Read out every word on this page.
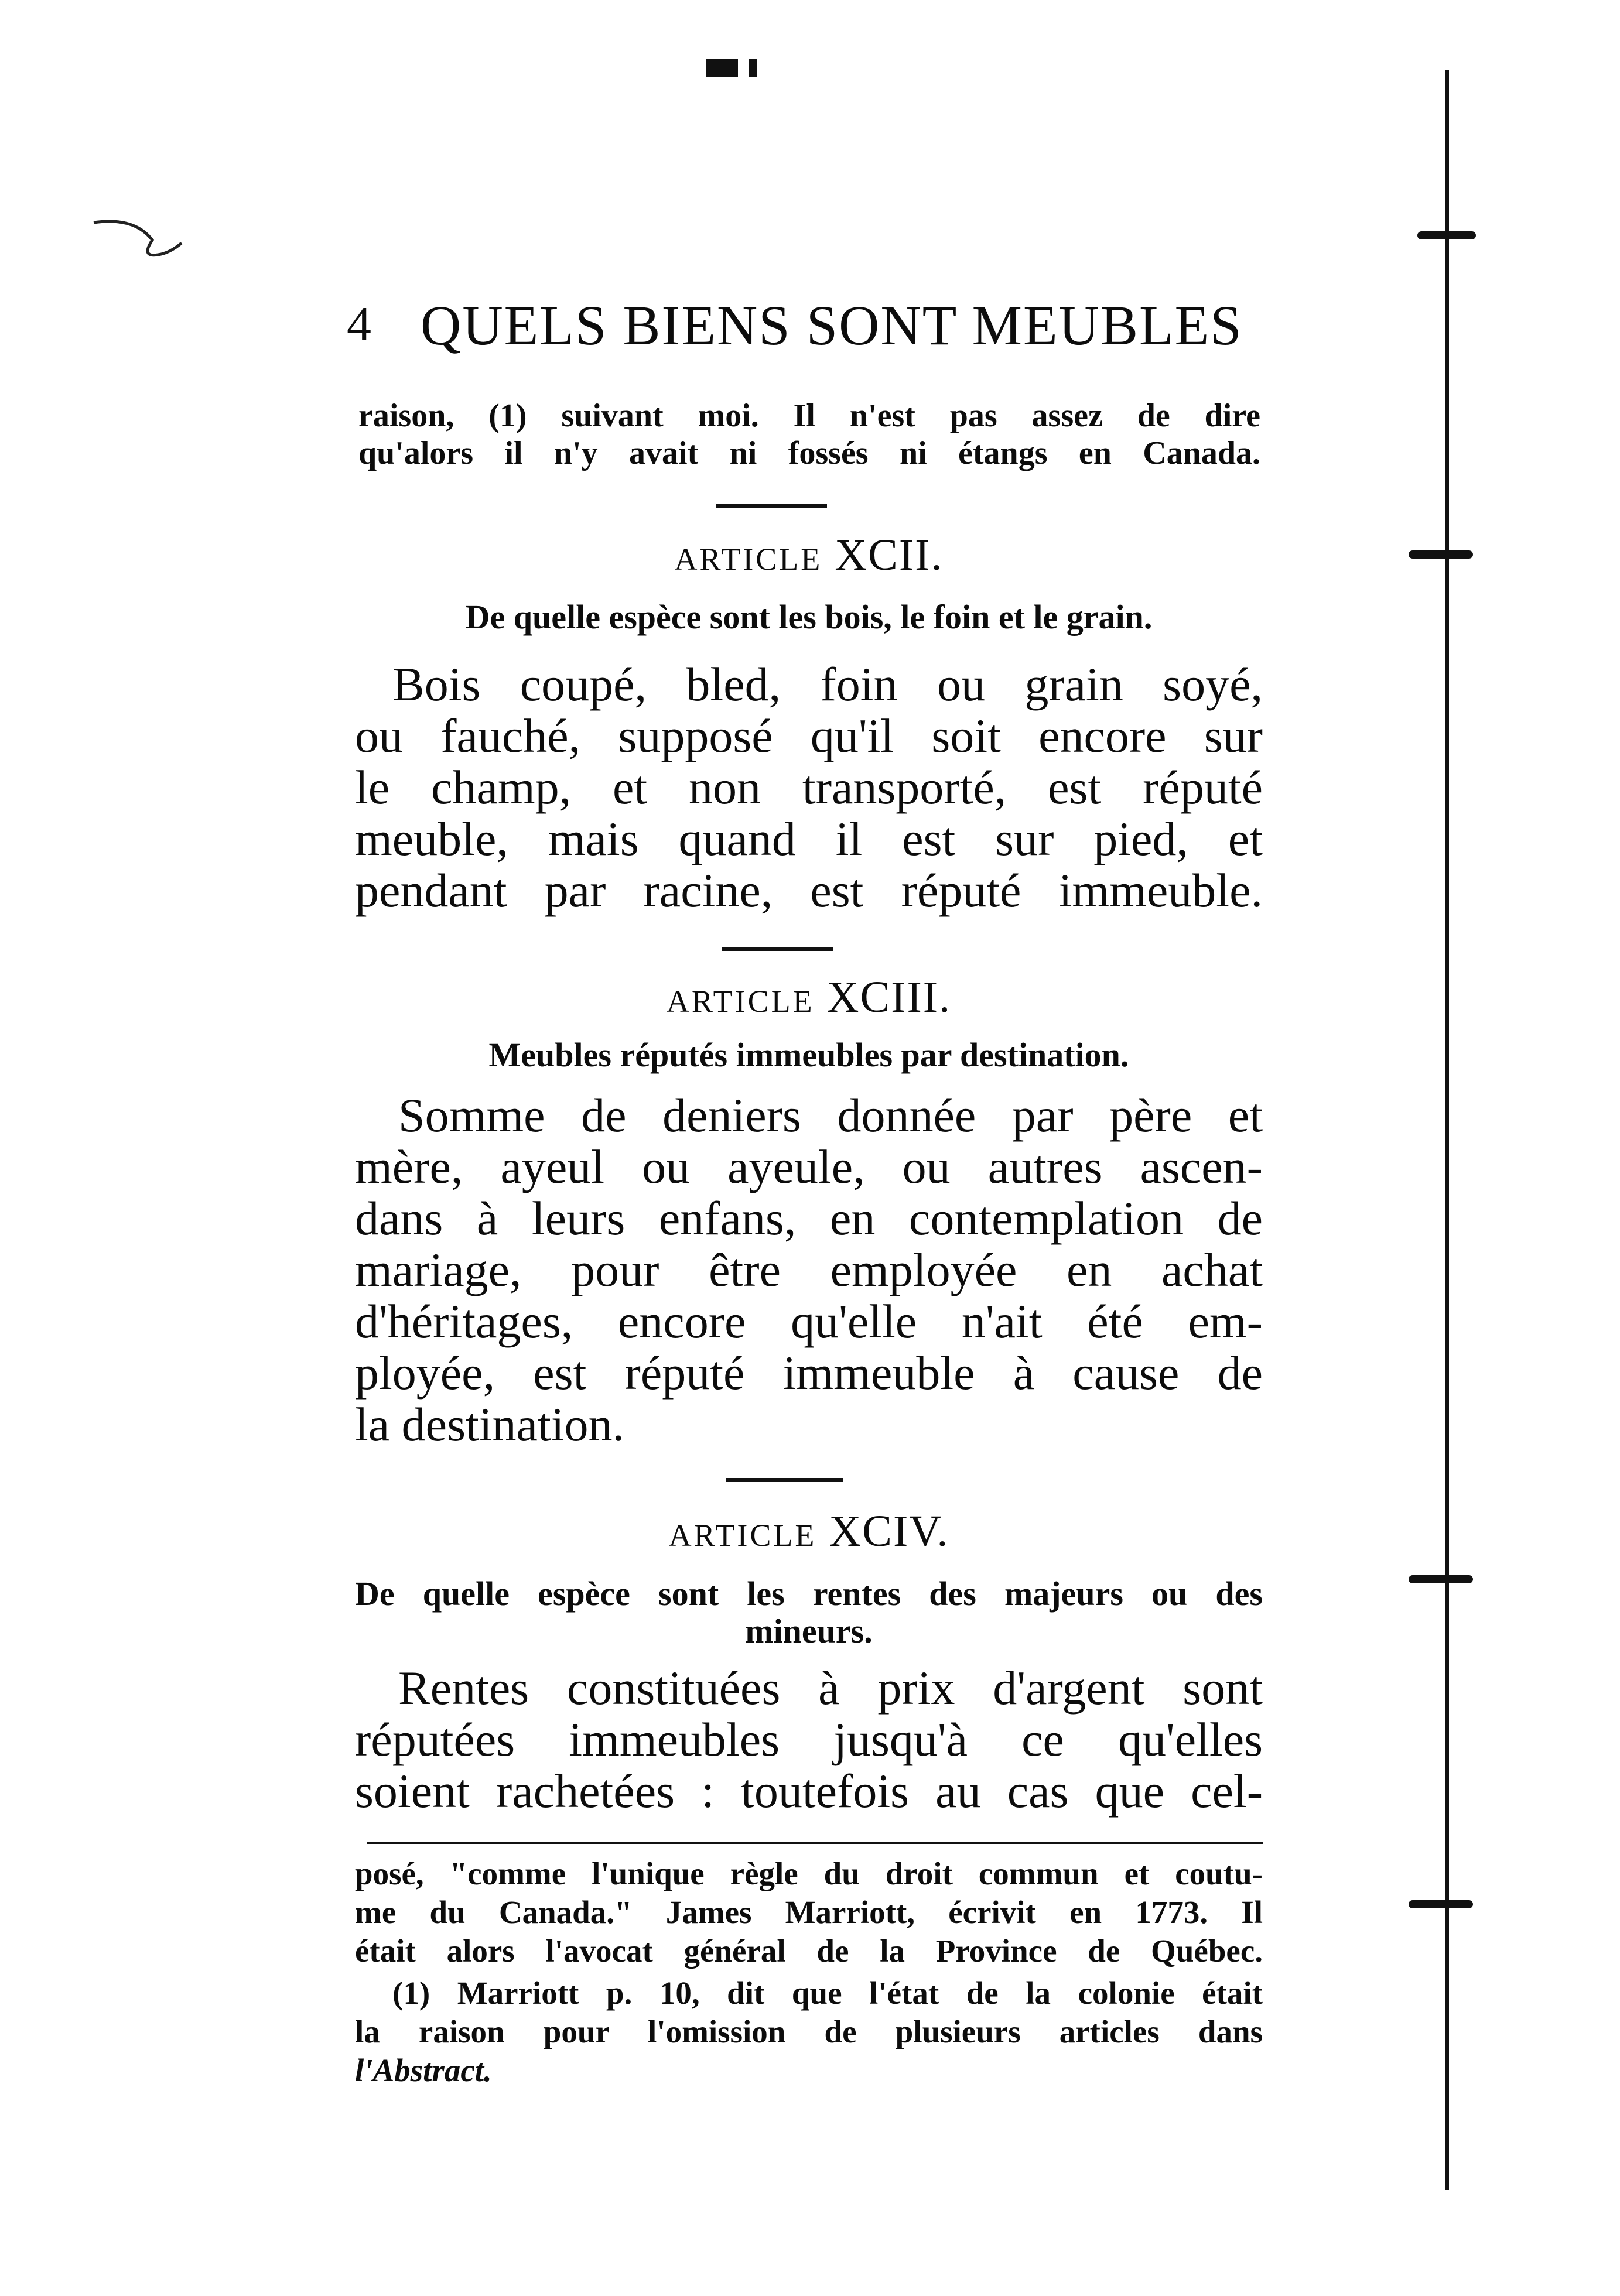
4 QUELS BIENS SONT MEUBLES
raison, (1) suivant moi. Il n'est pas assez de dire
qu'alors il n'y avait ni fossés ni étangs en Canada.
ARTICLE XCII.
De quelle espèce sont les bois, le foin et le grain.
Bois coupé, bled, foin ou grain soyé,
ou fauché, supposé qu'il soit encore sur
le champ, et non transporté, est réputé
meuble, mais quand il est sur pied, et
pendant par racine, est réputé immeuble.
ARTICLE XCIII.
Meubles réputés immeubles par destination.
Somme de deniers donnée par père et
mère, ayeul ou ayeule, ou autres ascen-
dans à leurs enfans, en contemplation de
mariage, pour être employée en achat
d'héritages, encore qu'elle n'ait été em-
ployée, est réputé immeuble à cause de
la destination.
ARTICLE XCIV.
De quelle espèce sont les rentes des majeurs ou des
mineurs.
Rentes constituées à prix d'argent sont
réputées immeubles jusqu'à ce qu'elles
soient rachetées : toutefois au cas que cel-
posé, "comme l'unique règle du droit commun et coutu-
me du Canada." James Marriott, écrivit en 1773. Il
était alors l'avocat général de la Province de Québec.
(1) Marriott p. 10, dit que l'état de la colonie était
la raison pour l'omission de plusieurs articles dans
l'Abstract.
